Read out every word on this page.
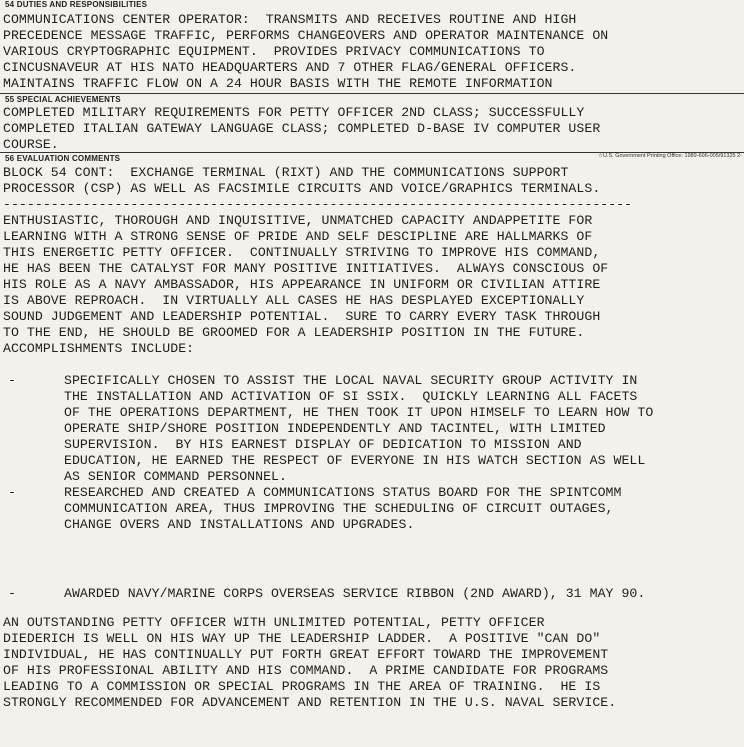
54 DUTIES AND RESPONSIBILITIES
COMMUNICATIONS CENTER OPERATOR:  TRANSMITS AND RECEIVES ROUTINE AND HIGH
PRECEDENCE MESSAGE TRAFFIC, PERFORMS CHANGEOVERS AND OPERATOR MAINTENANCE ON
VARIOUS CRYPTOGRAPHIC EQUIPMENT.  PROVIDES PRIVACY COMMUNICATIONS TO
CINCUSNAVEUR AT HIS NATO HEADQUARTERS AND 7 OTHER FLAG/GENERAL OFFICERS.
MAINTAINS TRAFFIC FLOW ON A 24 HOUR BASIS WITH THE REMOTE INFORMATION
55 SPECIAL ACHIEVEMENTS
COMPLETED MILITARY REQUIREMENTS FOR PETTY OFFICER 2ND CLASS; SUCCESSFULLY
COMPLETED ITALIAN GATEWAY LANGUAGE CLASS; COMPLETED D-BASE IV COMPUTER USER
COURSE.
56 EVALUATION COMMENTS	☆U.S. Government Printing Office: 1989-606-005/91325 2-
BLOCK 54 CONT:  EXCHANGE TERMINAL (RIXT) AND THE COMMUNICATIONS SUPPORT
PROCESSOR (CSP) AS WELL AS FACSIMILE CIRCUITS AND VOICE/GRAPHICS TERMINALS.
-------------------------------------------------------------------------------
ENTHUSIASTIC, THOROUGH AND INQUISITIVE, UNMATCHED CAPACITY ANDAPPETITE FOR
LEARNING WITH A STRONG SENSE OF PRIDE AND SELF DESCIPLINE ARE HALLMARKS OF
THIS ENERGETIC PETTY OFFICER.  CONTINUALLY STRIVING TO IMPROVE HIS COMMAND,
HE HAS BEEN THE CATALYST FOR MANY POSITIVE INITIATIVES.  ALWAYS CONSCIOUS OF
HIS ROLE AS A NAVY AMBASSADOR, HIS APPEARANCE IN UNIFORM OR CIVILIAN ATTIRE
IS ABOVE REPROACH.  IN VIRTUALLY ALL CASES HE HAS DESPLAYED EXCEPTIONALLY
SOUND JUDGEMENT AND LEADERSHIP POTENTIAL.  SURE TO CARRY EVERY TASK THROUGH
TO THE END, HE SHOULD BE GROOMED FOR A LEADERSHIP POSITION IN THE FUTURE.
ACCOMPLISHMENTS INCLUDE:
-	SPECIFICALLY CHOSEN TO ASSIST THE LOCAL NAVAL SECURITY GROUP ACTIVITY IN
THE INSTALLATION AND ACTIVATION OF SI SSIX.  QUICKLY LEARNING ALL FACETS
OF THE OPERATIONS DEPARTMENT, HE THEN TOOK IT UPON HIMSELF TO LEARN HOW TO
OPERATE SHIP/SHORE POSITION INDEPENDENTLY AND TACINTEL, WITH LIMITED
SUPERVISION.  BY HIS EARNEST DISPLAY OF DEDICATION TO MISSION AND
EDUCATION, HE EARNED THE RESPECT OF EVERYONE IN HIS WATCH SECTION AS WELL
AS SENIOR COMMAND PERSONNEL.
-	RESEARCHED AND CREATED A COMMUNICATIONS STATUS BOARD FOR THE SPINTCOMM
COMMUNICATION AREA, THUS IMPROVING THE SCHEDULING OF CIRCUIT OUTAGES,
CHANGE OVERS AND INSTALLATIONS AND UPGRADES.
-	AWARDED NAVY/MARINE CORPS OVERSEAS SERVICE RIBBON (2ND AWARD), 31 MAY 90.
AN OUTSTANDING PETTY OFFICER WITH UNLIMITED POTENTIAL, PETTY OFFICER
DIEDERICH IS WELL ON HIS WAY UP THE LEADERSHIP LADDER.  A POSITIVE "CAN DO"
INDIVIDUAL, HE HAS CONTINUALLY PUT FORTH GREAT EFFORT TOWARD THE IMPROVEMENT
OF HIS PROFESSIONAL ABILITY AND HIS COMMAND.  A PRIME CANDIDATE FOR PROGRAMS
LEADING TO A COMMISSION OR SPECIAL PROGRAMS IN THE AREA OF TRAINING.  HE IS
STRONGLY RECOMMENDED FOR ADVANCEMENT AND RETENTION IN THE U.S. NAVAL SERVICE.
